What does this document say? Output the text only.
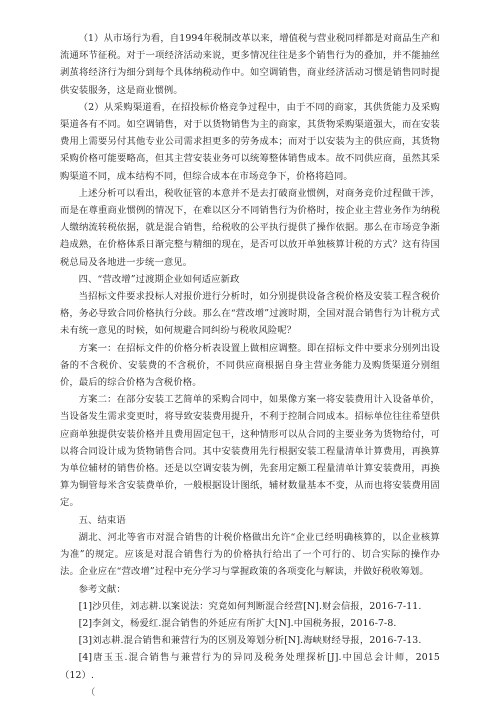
（1）从市场行为看，自1994年税制改革以来，增值税与营业税同样都是对商品生产和流通环节征税。对于一项经济活动来说，更多情况往往是多个销售行为的叠加，并不能抽丝剥茧将经济行为细分到每个具体纳税动作中。如空调销售，商业经济活动习惯是销售同时提供安装服务，这是商业惯例。

（2）从采购渠道看，在招投标价格竞争过程中，由于不同的商家，其供货能力及采购渠道各有不同。如空调销售，对于以货物销售为主的商家，其货物采购渠道强大，而在安装费用上需要另付其他专业公司需求担更多的劳务成本；而对于以安装为主的供应商，其货物采购价格可能要略高，但其主营安装业务可以统筹整体销售成本。故不同供应商，虽然其采购渠道不同，成本结构不同，但综合成本在市场竞争下，价格将趋同。

上述分析可以看出，税收征管的本意并不是去打破商业惯例，对商务竞价过程做干涉，而是在尊重商业惯例的情况下，在难以区分不同销售行为价格时，按企业主营业务作为纳税人缴纳流转税依据，就是混合销售，给税收的公平执行提供了操作依据。那么在市场竞争渐趋成熟，在价格体系日渐完整与精细的现在，是否可以放开单独核算计税的方式？这有待国税总局及各地进一步统一意见。

四、“营改增”过渡期企业如何适应新政

当招标文件要求投标人对报价进行分析时，如分别提供设备含税价格及安装工程含税价格，务必导致合同价格执行分歧。那么在“营改增”过渡时期，全国对混合销售行为计税方式未有统一意见的时候，如何规避合同纠纷与税收风险呢？

方案一：在招标文件的价格分析表设置上做相应调整。即在招标文件中要求分别列出设备的不含税价、安装费的不含税价，不同供应商根据自身主营业务能力及购货渠道分别组价，最后的综合价格为含税价格。

方案二：在部分安装工艺简单的采购合同中，如果像方案一将安装费用计入设备单价，当设备发生需求变更时，将导致安装费用提升，不利于控制合同成本。招标单位往往希望供应商单独提供安装价格并且费用固定包干，这种情形可以从合同的主要业务为货物给付，可以将合同设计成为货物销售合同。其中安装费用先行根据安装工程量清单计算费用，再换算为单位辅材的销售价格。还是以空调安装为例，先套用定额工程量清单计算安装费用，再换算为铜管每米含安装费单价，一般根据设计图纸，辅材数量基本不变，从而也将安装费用固定。

五、结束语

湖北、河北等省市对混合销售的计税价格做出允许“企业已经明确核算的，以企业核算为准”的规定。应该是对混合销售行为的价格执行给出了一个可行的、切合实际的操作办法。企业应在“营改增”过程中充分学习与掌握政策的各项变化与解读，并做好税收筹划。

参考文献：

[1]沙贝佳，刘志耕.以案说法：究竟如何判断混合经营[N].财会信报，2016-7-11.

[2]李剑文，杨爱红.混合销售的外延应有所扩大[N].中国税务报，2016-7-8.

[3]刘志耕.混合销售和兼营行为的区别及筹划分析[N].海峡财经导报，2016-7-13.

[4]唐玉玉.混合销售与兼营行为的异同及税务处理探析[J].中国总会计师，2015（12）.

（
